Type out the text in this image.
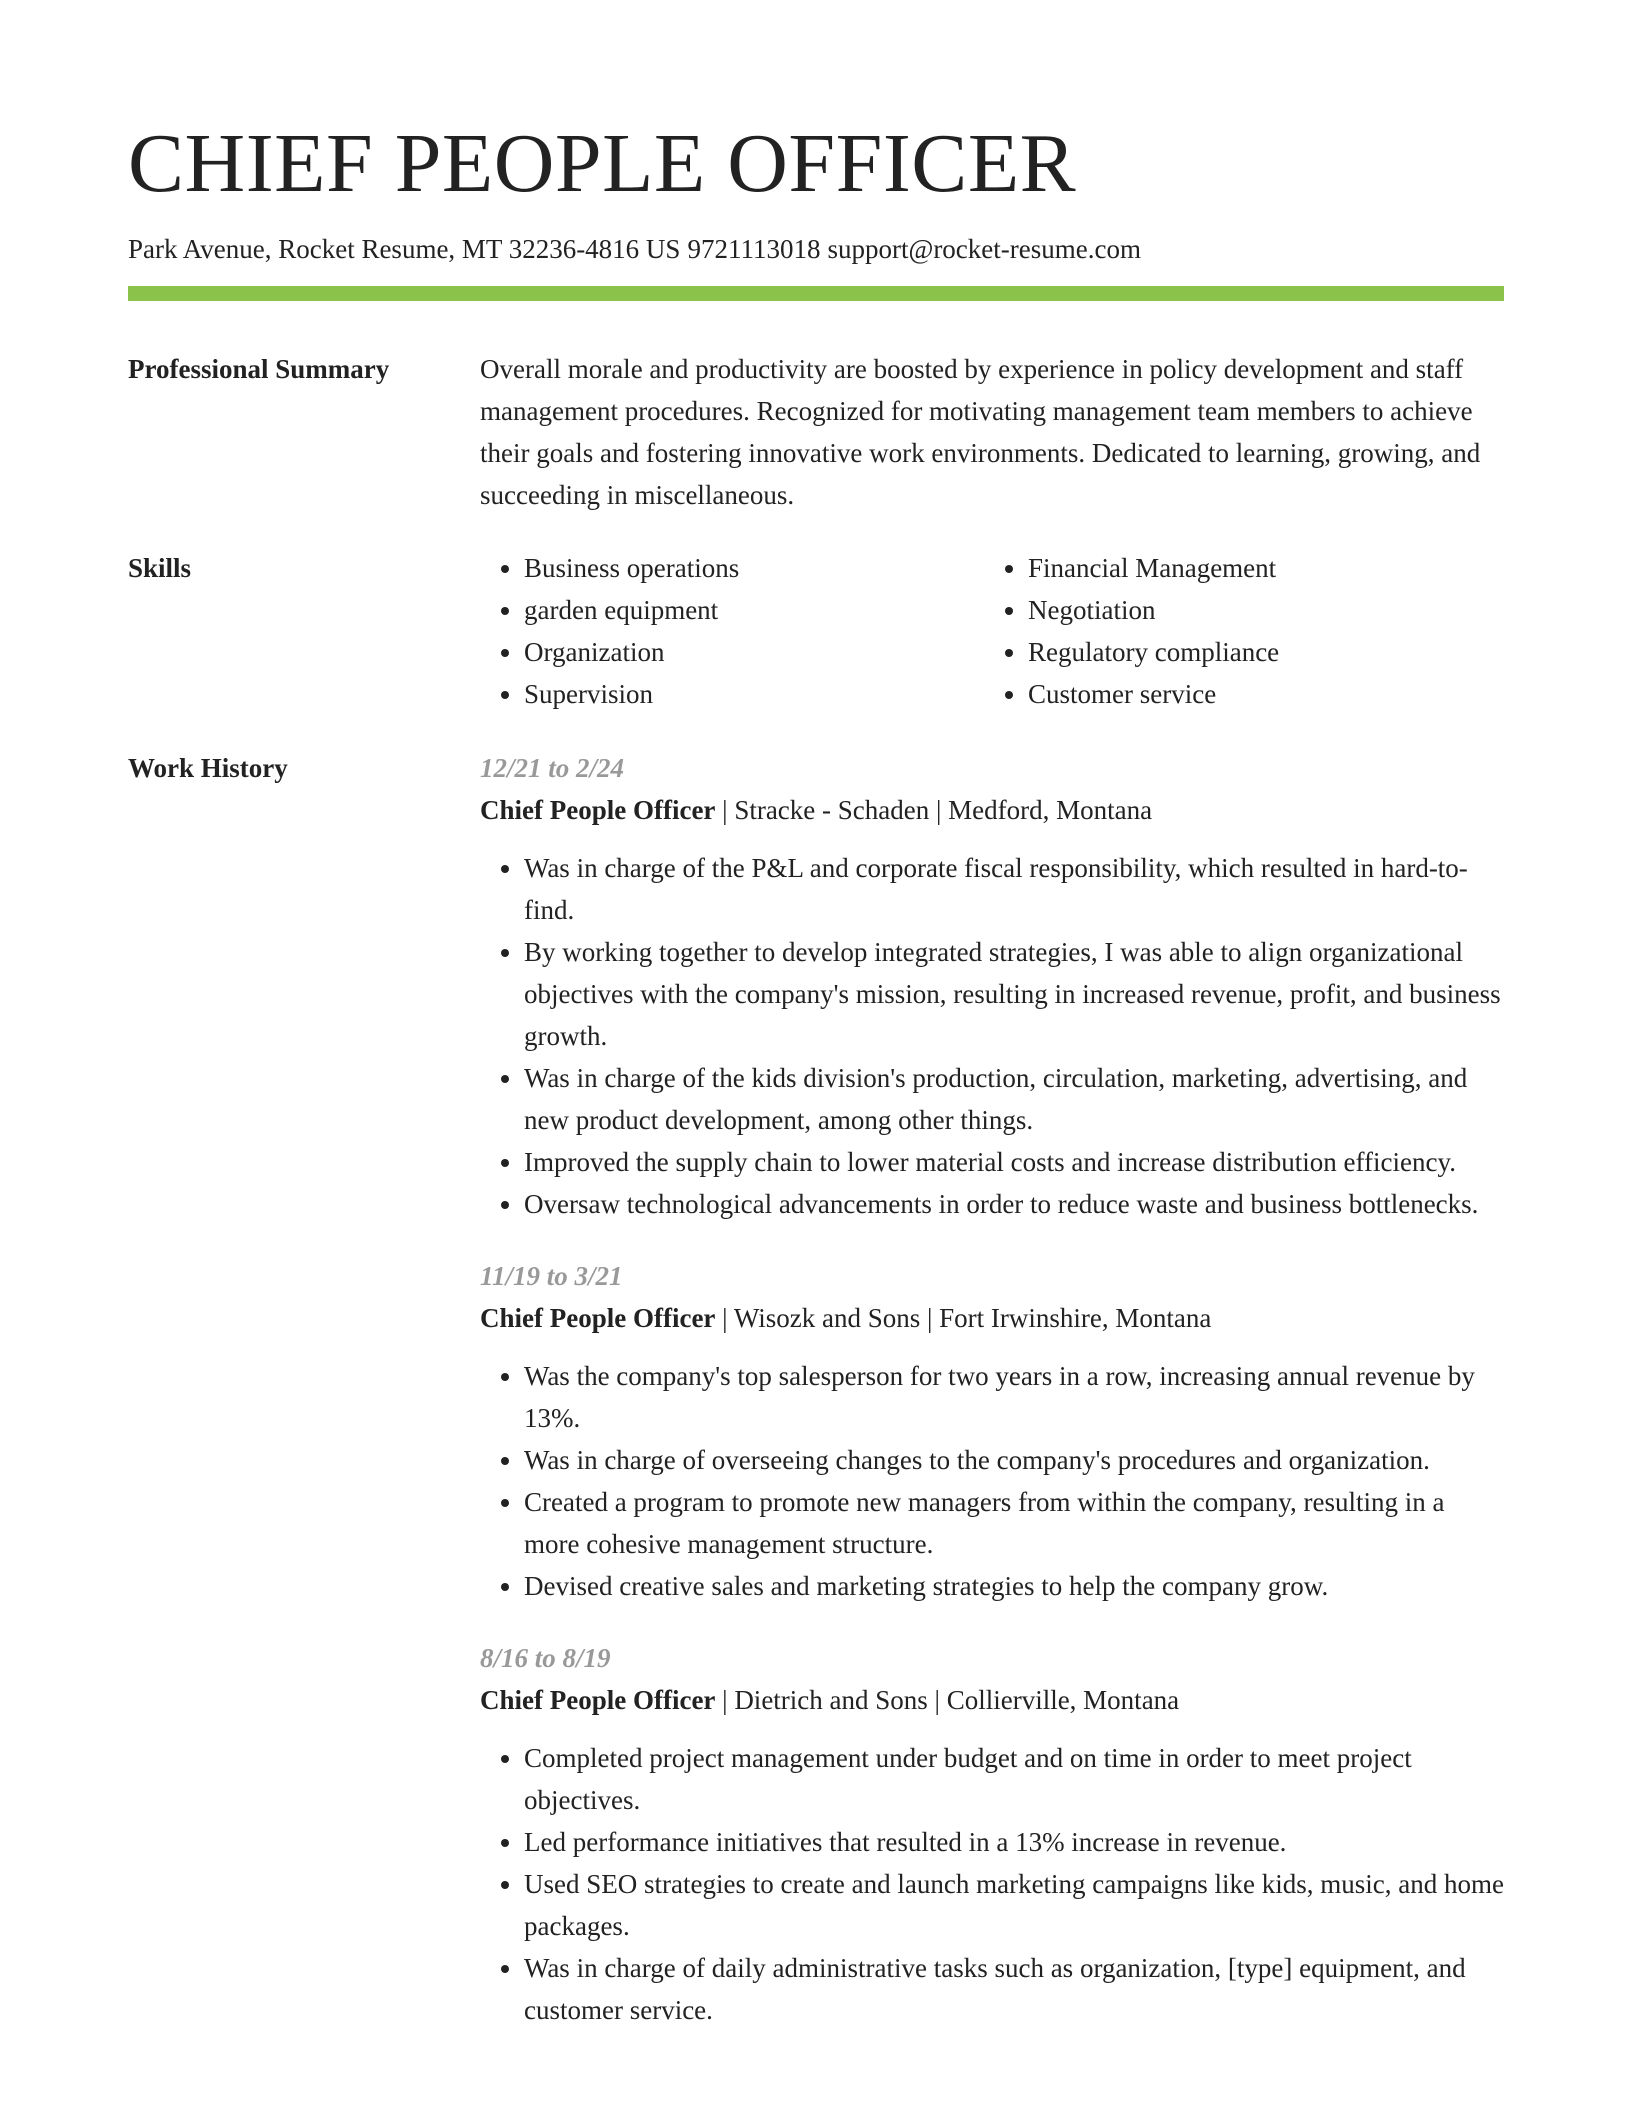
CHIEF PEOPLE OFFICER
Park Avenue, Rocket Resume, MT 32236-4816 US 9721113018 support@rocket-resume.com
Professional Summary	Overall morale and productivity are boosted by experience in policy development and staff management procedures. Recognized for motivating management team members to achieve their goals and fostering innovative work environments. Dedicated to learning, growing, and succeeding in miscellaneous.

Skills
•	Business operations
• garden equipment
• Organization
• Supervision
• Financial Management
• Negotiation
• Regulatory compliance
• Customer service
Work History	12/21 to 2/24
Chief People Officer | Stracke - Schaden | Medford, Montana
• Was in charge of the P&L and corporate fiscal responsibility, which resulted in hard-to-find.
• By working together to develop integrated strategies, I was able to align organizational objectives with the company's mission, resulting in increased revenue, profit, and business growth.
• Was in charge of the kids division's production, circulation, marketing, advertising, and new product development, among other things.
• Improved the supply chain to lower material costs and increase distribution efficiency.
• Oversaw technological advancements in order to reduce waste and business bottlenecks.
11/19 to 3/21
Chief People Officer | Wisozk and Sons | Fort Irwinshire, Montana
• Was the company's top salesperson for two years in a row, increasing annual revenue by 13%.
• Was in charge of overseeing changes to the company's procedures and organization.
• Created a program to promote new managers from within the company, resulting in a more cohesive management structure.
• Devised creative sales and marketing strategies to help the company grow.
8/16 to 8/19
Chief People Officer | Dietrich and Sons | Collierville, Montana
• Completed project management under budget and on time in order to meet project objectives.
• Led performance initiatives that resulted in a 13% increase in revenue.
• Used SEO strategies to create and launch marketing campaigns like kids, music, and home packages.
• Was in charge of daily administrative tasks such as organization, [type] equipment, and customer service.
